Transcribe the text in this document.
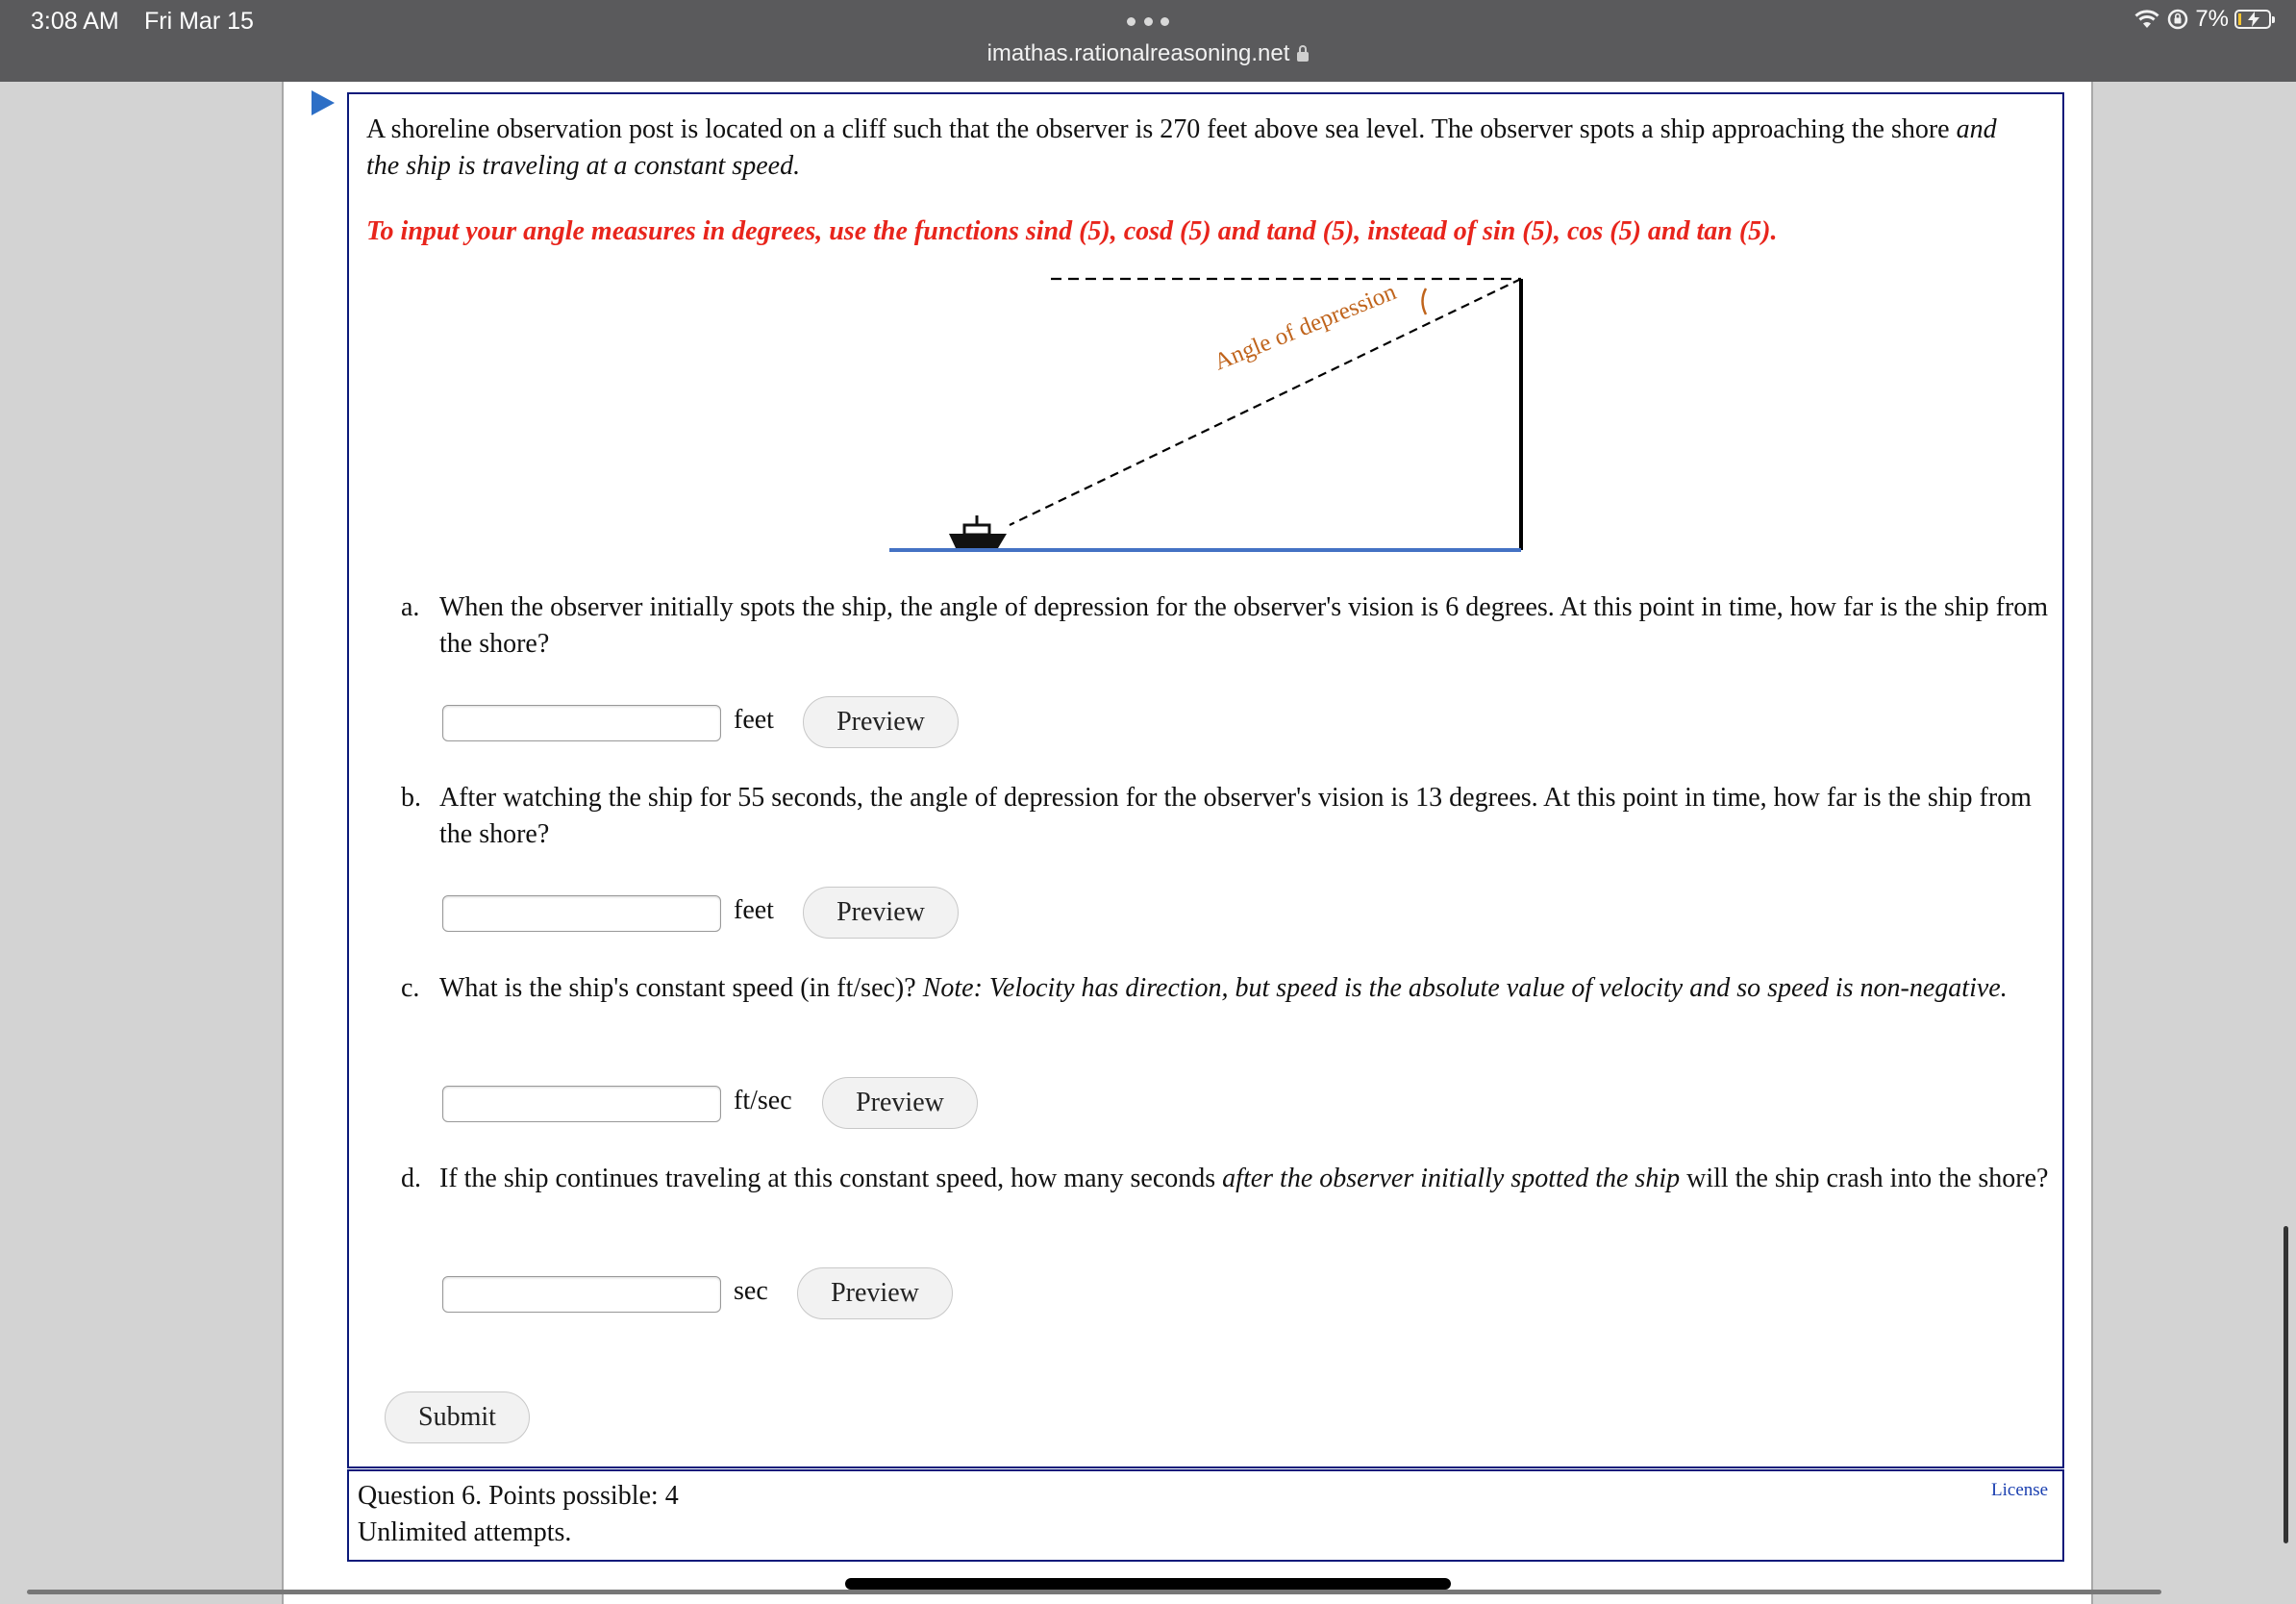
3:08 AM Fri Mar 15
imathas.rationalreasoning.net
7%
A shoreline observation post is located on a cliff such that the observer is 270 feet above sea level. The observer spots a ship approaching the shore and the ship is traveling at a constant speed.
To input your angle measures in degrees, use the functions sind (5), cosd (5) and tand (5), instead of sin (5), cos (5) and tan (5).
Angle of depression
a. When the observer initially spots the ship, the angle of depression for the observer's vision is 6 degrees. At this point in time, how far is the ship from the shore?
feet	Preview
b. After watching the ship for 55 seconds, the angle of depression for the observer's vision is 13 degrees. At this point in time, how far is the ship from the shore?
feet	Preview
c. What is the ship's constant speed (in ft/sec)? Note: Velocity has direction, but speed is the absolute value of velocity and so speed is non-negative.
ft/sec	Preview
d. If the ship continues traveling at this constant speed, how many seconds after the observer initially spotted the ship will the ship crash into the shore?
sec	Preview
Submit
Question 6. Points possible: 4
Unlimited attempts.
License
